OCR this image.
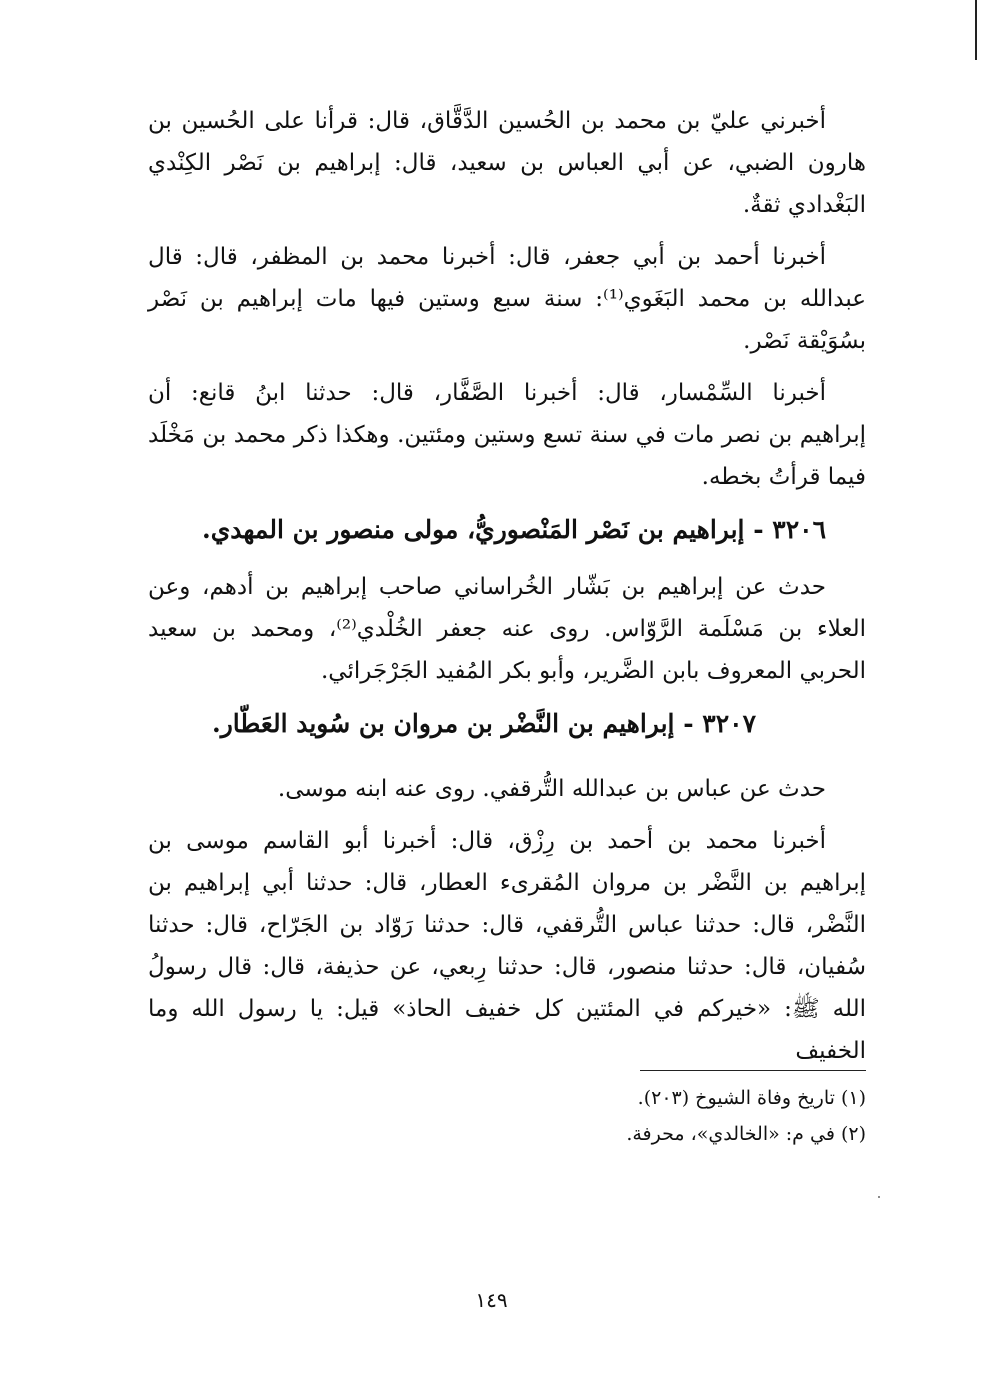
أخبرني عليّ بن محمد بن الحُسين الدَّقَّاق، قال: قرأنا على الحُسين بن
هارون الضبي، عن أبي العباس بن سعيد، قال: إبراهيم بن نَصْر الكِنْدي
البَغْدادي ثقةٌ.

أخبرنا أحمد بن أبي جعفر، قال: أخبرنا محمد بن المظفر، قال: قال
عبدالله بن محمد البَغَوي⁽¹⁾: سنة سبع وستين فيها مات إبراهيم بن نَصْر
بسُوَيْقة نَصْر.

أخبرنا السِّمْسار، قال: أخبرنا الصَّفَّار، قال: حدثنا ابنُ قانع: أن
إبراهيم بن نصر مات في سنة تسع وستين ومئتين. وهكذا ذكر محمد بن مَخْلَد
فيما قرأتُ بخطه.

٣٢٠٦ - إبراهيم بن نَصْر المَنْصوريُّ، مولى منصور بن المهدي.

حدث عن إبراهيم بن بَشّار الخُراساني صاحب إبراهيم بن أدهم، وعن
العلاء بن مَسْلَمة الرَّوّاس. روى عنه جعفر الخُلْدي⁽²⁾، ومحمد بن سعيد
الحربي المعروف بابن الضَّرير، وأبو بكر المُفيد الجَرْجَرائي.

٣٢٠٧ - إبراهيم بن النَّضْر بن مروان بن سُويد العَطّار.

حدث عن عباس بن عبدالله التُّرقفي. روى عنه ابنه موسى.

أخبرنا محمد بن أحمد بن رِزْق، قال: أخبرنا أبو القاسم موسى بن
إبراهيم بن النَّضْر بن مروان المُقرىء العطار، قال: حدثنا أبي إبراهيم بن
النَّضْر، قال: حدثنا عباس التُّرقفي، قال: حدثنا رَوّاد بن الجَرّاح، قال: حدثنا
سُفيان، قال: حدثنا منصور، قال: حدثنا رِبعي، عن حذيفة، قال: قال رسولُ
الله ﷺ: «خيركم في المئتين كل خفيف الحاذ» قيل: يا رسول الله وما الخفيف

(١) تاريخ وفاة الشيوخ (٢٠٣).

(٢) في م: «الخالدي»، محرفة.

١٤٩
